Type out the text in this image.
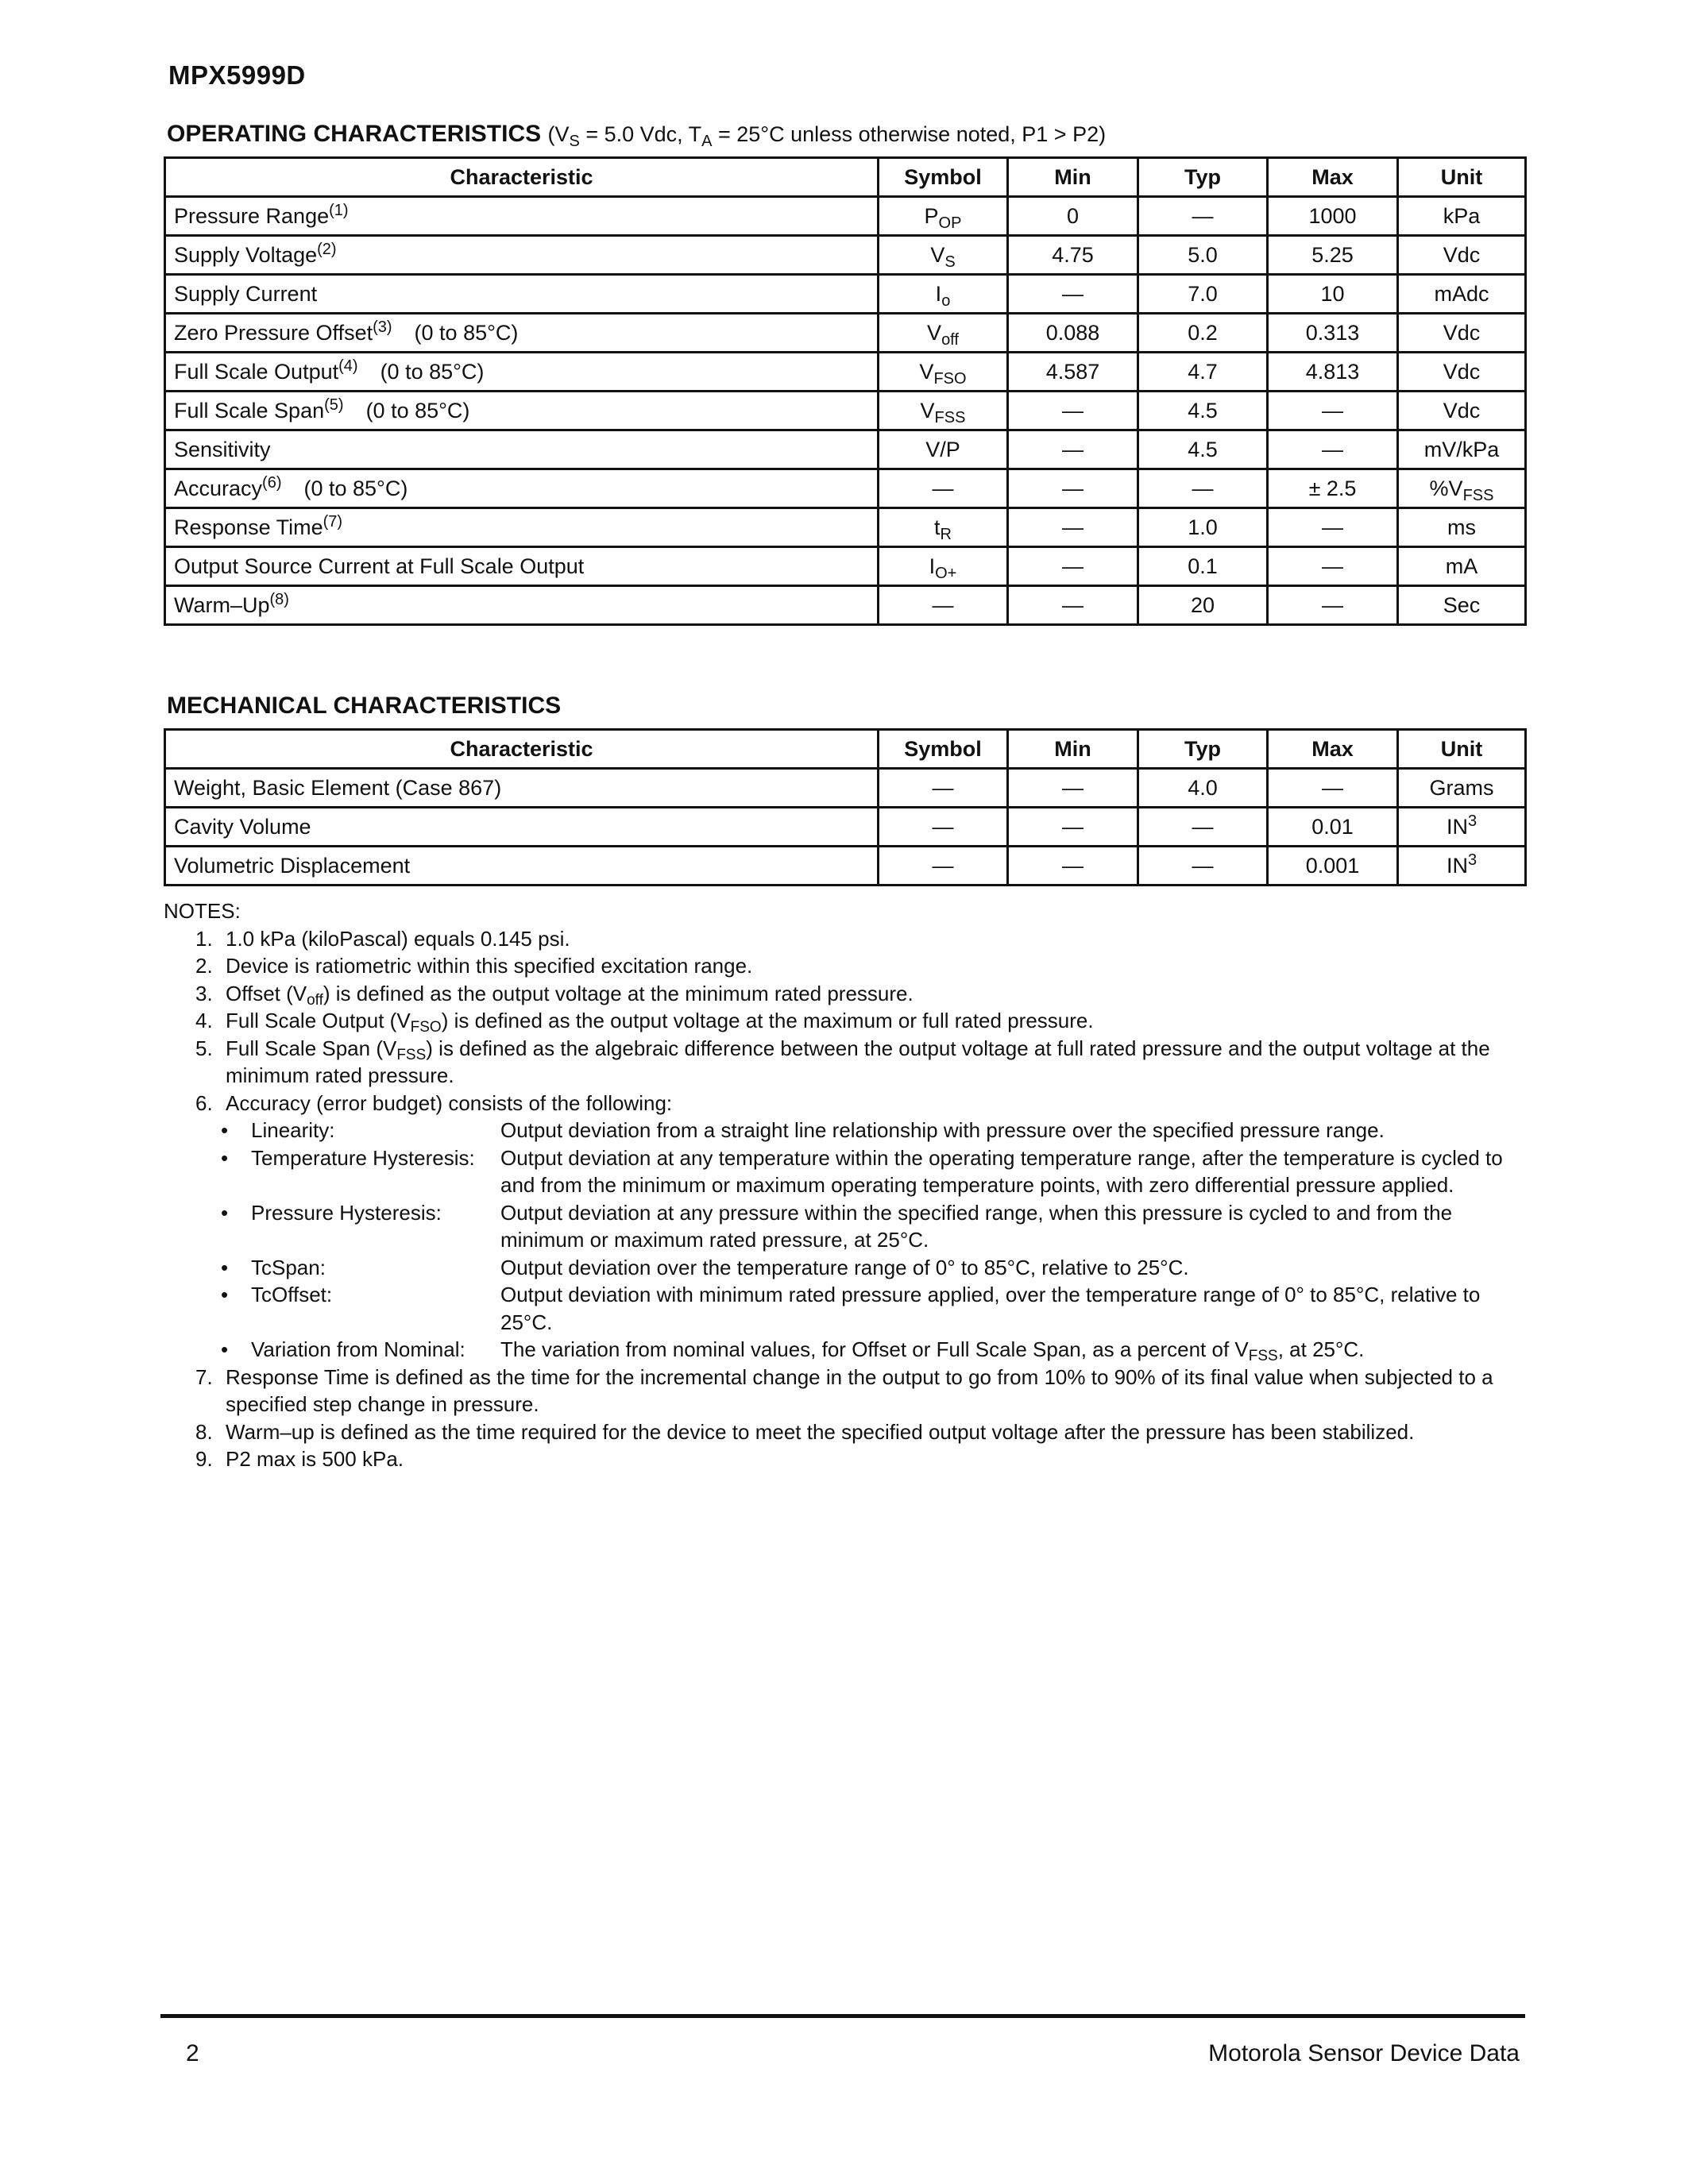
MPX5999D
OPERATING CHARACTERISTICS ($V_S = 5.0$ Vdc, $T_A = 25^\circ C$ unless otherwise noted, P1 > P2)
Characteristic	Symbol	Min	Typ	Max	Unit
Pressure Range$^{(1)}$	$P_{OP}$	0	—	1000	kPa
Supply Voltage$^{(2)}$	$V_S$	4.75	5.0	5.25	Vdc
Supply Current	$I_o$	—	7.0	10	mAdc
Zero Pressure Offset$^{(3)}$ (0 to 85°C)	$V_{off}$	0.088	0.2	0.313	Vdc
Full Scale Output$^{(4)}$ (0 to 85°C)	$V_{FSO}$	4.587	4.7	4.813	Vdc
Full Scale Span$^{(5)}$ (0 to 85°C)	$V_{FSS}$	—	4.5	—	Vdc
Sensitivity	V/P	—	4.5	—	mV/kPa
Accuracy$^{(6)}$ (0 to 85°C)	—	—	—	± 2.5	$\%V_{FSS}$
Response Time$^{(7)}$	$t_R$	—	1.0	—	ms
Output Source Current at Full Scale Output	$I_{O+}$	—	0.1	—	mA
Warm–Up$^{(8)}$	—	—	20	—	Sec
MECHANICAL CHARACTERISTICS
Characteristic	Symbol	Min	Typ	Max	Unit
Weight, Basic Element (Case 867)	—	—	4.0	—	Grams
Cavity Volume	—	—	—	0.01	$IN^3$
Volumetric Displacement	—	—	—	0.001	$IN^3$
NOTES:
1. 1.0 kPa (kiloPascal) equals 0.145 psi.
2. Device is ratiometric within this specified excitation range.
3. Offset $(V_{off})$ is defined as the output voltage at the minimum rated pressure.
4. Full Scale Output $(V_{FSO})$ is defined as the output voltage at the maximum or full rated pressure.
5. Full Scale Span $(V_{FSS})$ is defined as the algebraic difference between the output voltage at full rated pressure and the output voltage at the minimum rated pressure.
6. Accuracy (error budget) consists of the following:
• Linearity:	Output deviation from a straight line relationship with pressure over the specified pressure range.
• Temperature Hysteresis: Output deviation at any temperature within the operating temperature range, after the temperature is cycled to and from the minimum or maximum operating temperature points, with zero differential pressure applied.
• Pressure Hysteresis:	Output deviation at any pressure within the specified range, when this pressure is cycled to and from the minimum or maximum rated pressure, at 25°C.
• TcSpan:	Output deviation over the temperature range of 0° to 85°C, relative to 25°C.
• TcOffset:	Output deviation with minimum rated pressure applied, over the temperature range of 0° to 85°C, relative to 25°C.
• Variation from Nominal: The variation from nominal values, for Offset or Full Scale Span, as a percent of $V_{FSS}$, at 25°C.
7. Response Time is defined as the time for the incremental change in the output to go from 10% to 90% of its final value when subjected to a specified step change in pressure.
8. Warm–up is defined as the time required for the device to meet the specified output voltage after the pressure has been stabilized.
9. P2 max is 500 kPa.
2	Motorola Sensor Device Data
